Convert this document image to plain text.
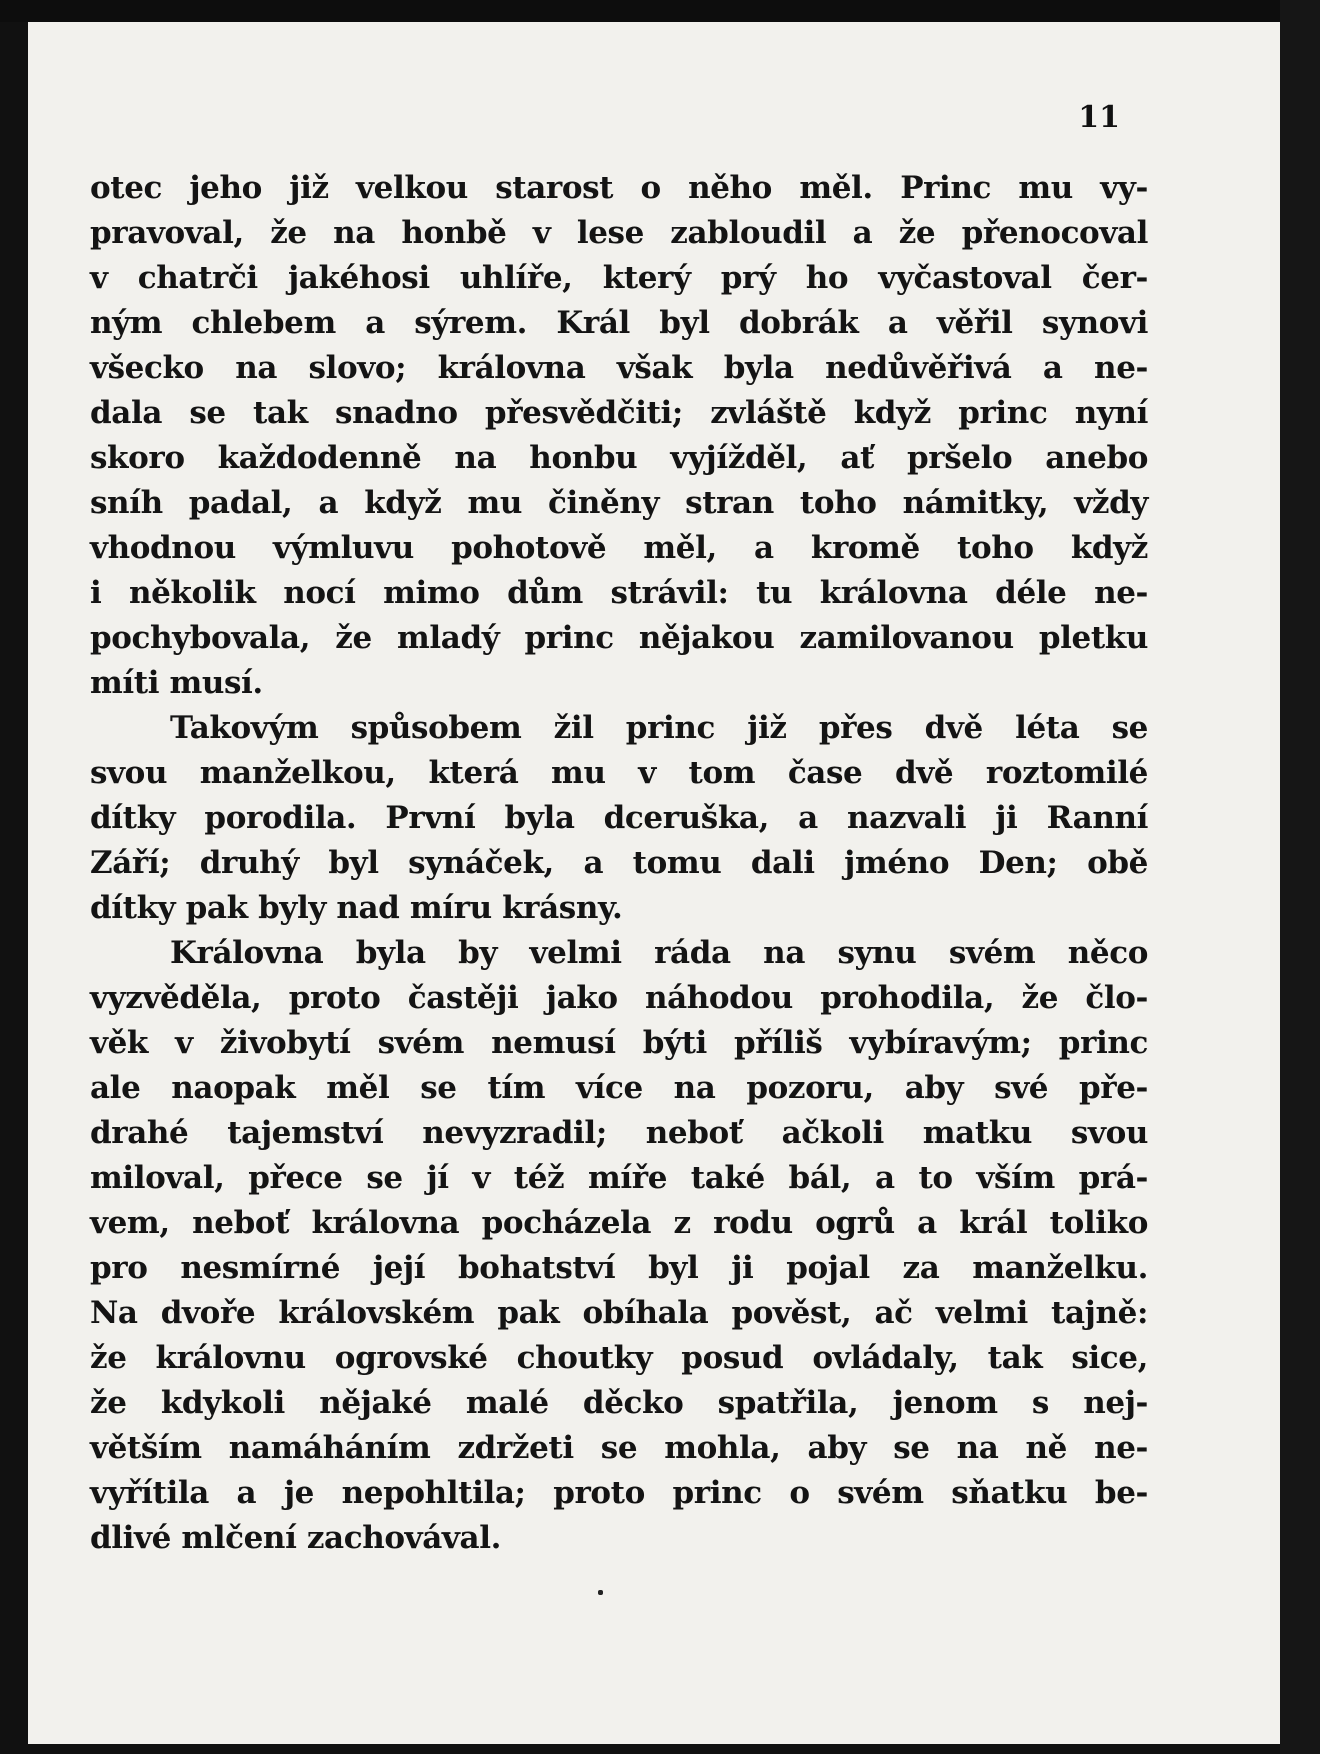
11
otec jeho již velkou starost o něho měl. Princ mu vy-
pravoval, že na honbě v lese zabloudil a že přenocoval
v chatrči jakéhosi uhlíře, který prý ho vyčastoval čer-
ným chlebem a sýrem. Král byl dobrák a věřil synovi
všecko na slovo; královna však byla nedůvěřivá a ne-
dala se tak snadno přesvědčiti; zvláště když princ nyní
skoro každodenně na honbu vyjížděl, ať pršelo anebo
sníh padal, a když mu činěny stran toho námitky, vždy
vhodnou výmluvu pohotově měl, a kromě toho když
i několik nocí mimo dům strávil: tu královna déle ne-
pochybovala, že mladý princ nějakou zamilovanou pletku
míti musí.
Takovým spůsobem žil princ již přes dvě léta se
svou manželkou, která mu v tom čase dvě roztomilé
dítky porodila. První byla dceruška, a nazvali ji Ranní
Září; druhý byl synáček, a tomu dali jméno Den; obě
dítky pak byly nad míru krásny.
Královna byla by velmi ráda na synu svém něco
vyzvěděla, proto častěji jako náhodou prohodila, že člo-
věk v živobytí svém nemusí býti příliš vybíravým; princ
ale naopak měl se tím více na pozoru, aby své pře-
drahé tajemství nevyzradil; neboť ačkoli matku svou
miloval, přece se jí v též míře také bál, a to vším prá-
vem, neboť královna pocházela z rodu ogrů a král toliko
pro nesmírné její bohatství byl ji pojal za manželku.
Na dvoře královském pak obíhala pověst, ač velmi tajně:
že královnu ogrovské choutky posud ovládaly, tak sice,
že kdykoli nějaké malé děcko spatřila, jenom s nej-
větším namáháním zdržeti se mohla, aby se na ně ne-
vyřítila a je nepohltila; proto princ o svém sňatku be-
dlivé mlčení zachovával.
